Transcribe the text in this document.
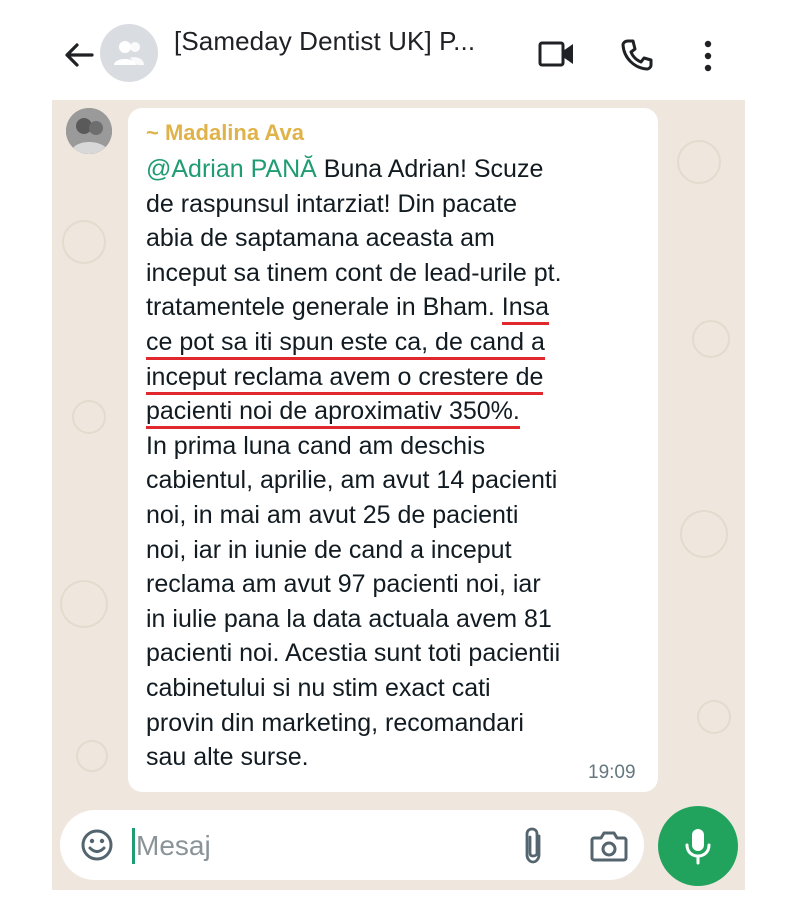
[Sameday Dentist UK] P...
~ Madalina Ava
@Adrian PANĂ Buna Adrian! Scuze
de raspunsul intarziat! Din pacate
abia de saptamana aceasta am
inceput sa tinem cont de lead-urile pt.
tratamentele generale in Bham. Insa
ce pot sa iti spun este ca, de cand a
inceput reclama avem o crestere de
pacienti noi de aproximativ 350%.
In prima luna cand am deschis
cabientul, aprilie, am avut 14 pacienti
noi, in mai am avut 25 de pacienti
noi, iar in iunie de cand a inceput
reclama am avut 97 pacienti noi, iar
in iulie pana la data actuala avem 81
pacienti noi. Acestia sunt toti pacientii
cabinetului si nu stim exact cati
provin din marketing, recomandari
sau alte surse.
19:09
Mesaj
